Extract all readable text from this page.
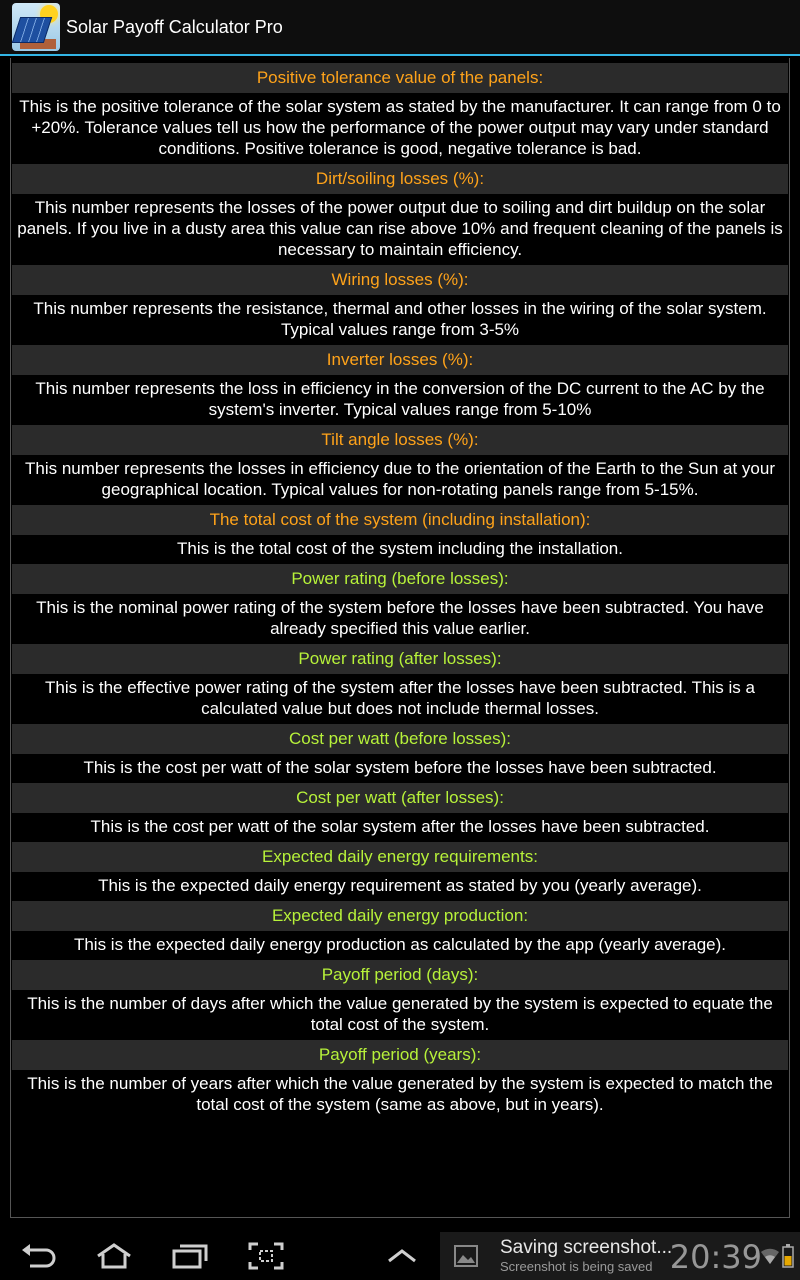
Solar Payoff Calculator Pro
Positive tolerance value of the panels:
This is the positive tolerance of the solar system as stated by the manufacturer. It can range from 0 to +20%. Tolerance values tell us how the performance of the power output may vary under standard conditions. Positive tolerance is good, negative tolerance is bad.
Dirt/soiling losses (%):
This number represents the losses of the power output due to soiling and dirt buildup on the solar panels. If you live in a dusty area this value can rise above 10% and frequent cleaning of the panels is necessary to maintain efficiency.
Wiring losses (%):
This number represents the resistance, thermal and other losses in the wiring of the solar system. Typical values range from 3-5%
Inverter losses (%):
This number represents the loss in efficiency in the conversion of the DC current to the AC by the system's inverter. Typical values range from 5-10%
Tilt angle losses (%):
This number represents the losses in efficiency due to the orientation of the Earth to the Sun at your geographical location. Typical values for non-rotating panels range from 5-15%.
The total cost of the system (including installation):
This is the total cost of the system including the installation.
Power rating (before losses):
This is the nominal power rating of the system before the losses have been subtracted. You have already specified this value earlier.
Power rating (after losses):
This is the effective power rating of the system after the losses have been subtracted. This is a calculated value but does not include thermal losses.
Cost per watt (before losses):
This is the cost per watt of the solar system before the losses have been subtracted.
Cost per watt (after losses):
This is the cost per watt of the solar system after the losses have been subtracted.
Expected daily energy requirements:
This is the expected daily energy requirement as stated by you (yearly average).
Expected daily energy production:
This is the expected daily energy production as calculated by the app (yearly average).
Payoff period (days):
This is the number of days after which the value generated by the system is expected to equate the total cost of the system.
Payoff period (years):
This is the number of years after which the value generated by the system is expected to match the total cost of the system (same as above, but in years).
Saving screenshot...
Screenshot is being saved 20:39
